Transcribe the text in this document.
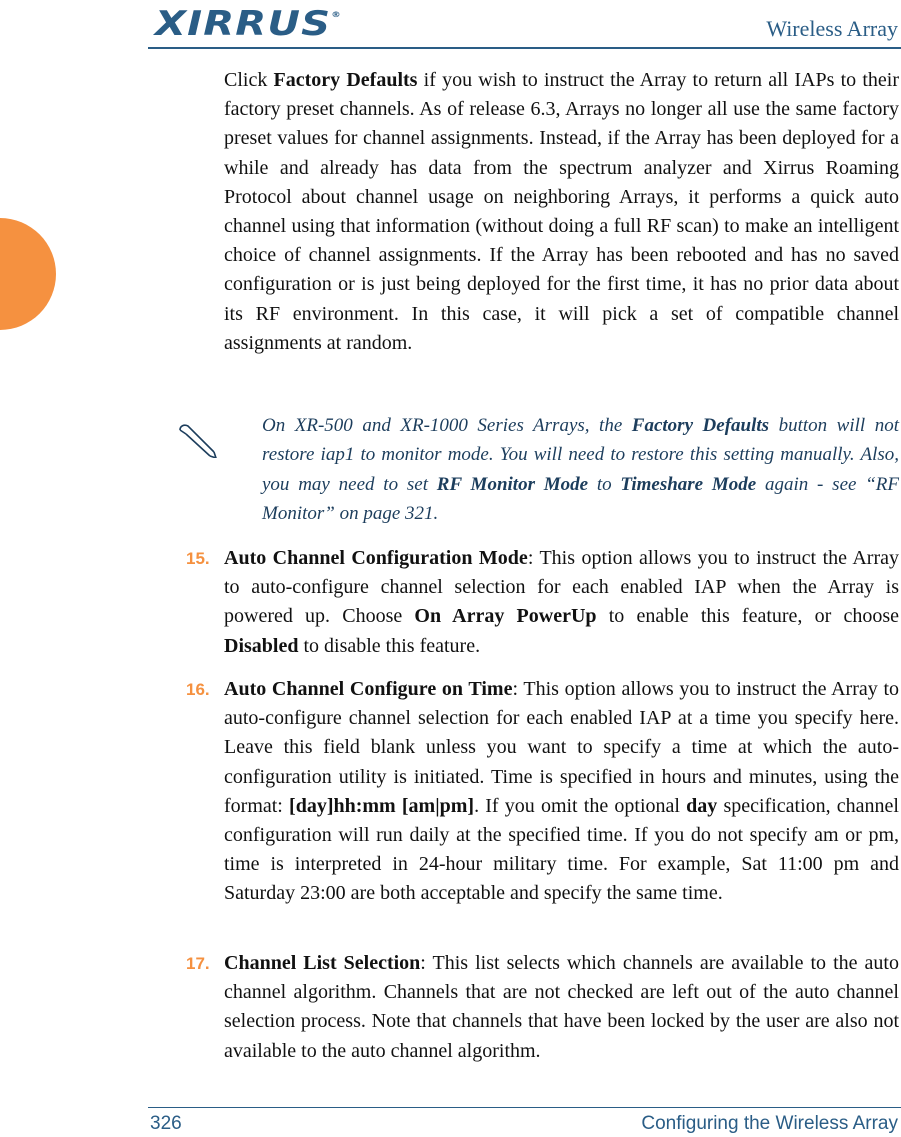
XIRRUS®
Wireless Array

Click Factory Defaults if you wish to instruct the Array to return all IAPs to their factory preset channels. As of release 6.3, Arrays no longer all use the same factory preset values for channel assignments. Instead, if the Array has been deployed for a while and already has data from the spectrum analyzer and Xirrus Roaming Protocol about channel usage on neighboring Arrays, it performs a quick auto channel using that information (without doing a full RF scan) to make an intelligent choice of channel assignments. If the Array has been rebooted and has no saved configuration or is just being deployed for the first time, it has no prior data about its RF environment. In this case, it will pick a set of compatible channel assignments at random.

On XR-500 and XR-1000 Series Arrays, the Factory Defaults button will not restore iap1 to monitor mode. You will need to restore this setting manually. Also, you may need to set RF Monitor Mode to Timeshare Mode again - see “RF Monitor” on page 321.

15. Auto Channel Configuration Mode: This option allows you to instruct the Array to auto-configure channel selection for each enabled IAP when the Array is powered up. Choose On Array PowerUp to enable this feature, or choose Disabled to disable this feature.

16. Auto Channel Configure on Time: This option allows you to instruct the Array to auto-configure channel selection for each enabled IAP at a time you specify here. Leave this field blank unless you want to specify a time at which the auto-configuration utility is initiated. Time is specified in hours and minutes, using the format: [day]hh:mm [am|pm]. If you omit the optional day specification, channel configuration will run daily at the specified time. If you do not specify am or pm, time is interpreted in 24-hour military time. For example, Sat 11:00 pm and Saturday 23:00 are both acceptable and specify the same time.

17. Channel List Selection: This list selects which channels are available to the auto channel algorithm. Channels that are not checked are left out of the auto channel selection process. Note that channels that have been locked by the user are also not available to the auto channel algorithm.

326	Configuring the Wireless Array
